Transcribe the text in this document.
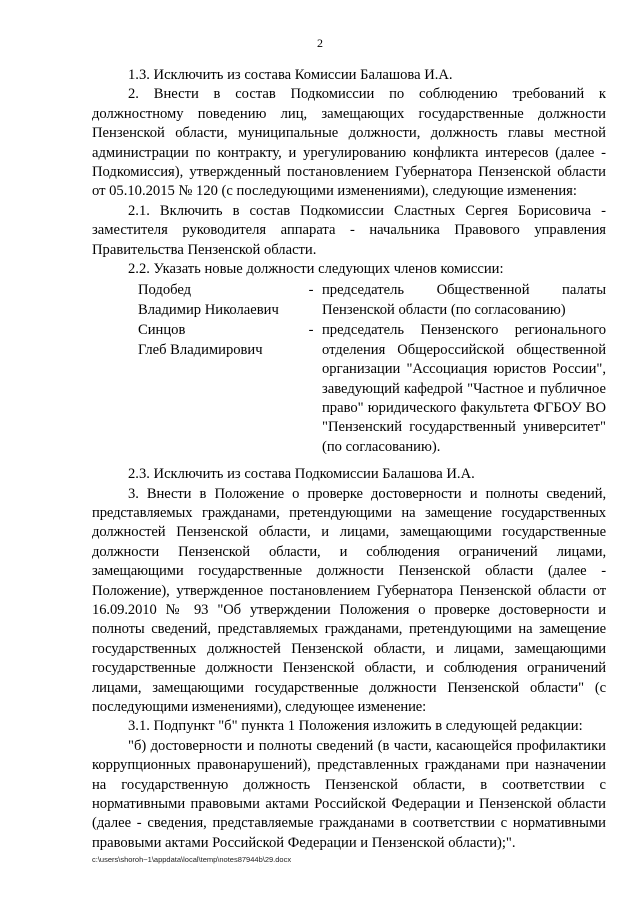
2

1.3. Исключить из состава Комиссии Балашова И.А.

2. Внести в состав Подкомиссии по соблюдению требований к должностному поведению лиц, замещающих государственные должности Пензенской области, муниципальные должности, должность главы местной администрации по контракту, и урегулированию конфликта интересов (далее - Подкомиссия), утвержденный постановлением Губернатора Пензенской области от 05.10.2015 № 120 (с последующими изменениями), следующие изменения:

2.1. Включить в состав Подкомиссии Сластных Сергея Борисовича - заместителя руководителя аппарата - начальника Правового управления Правительства Пензенской области.

2.2. Указать новые должности следующих членов комиссии:

Подобед
Владимир Николаевич
- председатель Общественной палаты Пензенской области (по согласованию)
Синцов
Глеб Владимирович
- председатель Пензенского регионального отделения Общероссийской общественной организации "Ассоциация юристов России", заведующий кафедрой "Частное и публичное право" юридического факультета ФГБОУ ВО "Пензенский государственный университет" (по согласованию).

2.3. Исключить из состава Подкомиссии Балашова И.А.

3. Внести в Положение о проверке достоверности и полноты сведений, представляемых гражданами, претендующими на замещение государственных должностей Пензенской области, и лицами, замещающими государственные должности Пензенской области, и соблюдения ограничений лицами, замещающими государственные должности Пензенской области (далее - Положение), утвержденное постановлением Губернатора Пензенской области от 16.09.2010 № 93 "Об утверждении Положения о проверке достоверности и полноты сведений, представляемых гражданами, претендующими на замещение государственных должностей Пензенской области, и лицами, замещающими государственные должности Пензенской области, и соблюдения ограничений лицами, замещающими государственные должности Пензенской области" (с последующими изменениями), следующее изменение:

3.1. Подпункт "б" пункта 1 Положения изложить в следующей редакции:

"б) достоверности и полноты сведений (в части, касающейся профилактики коррупционных правонарушений), представленных гражданами при назначении на государственную должность Пензенской области, в соответствии с нормативными правовыми актами Российской Федерации и Пензенской области (далее - сведения, представляемые гражданами в соответствии с нормативными правовыми актами Российской Федерации и Пензенской области);".

c:\users\shoroh~1\appdata\local\temp\notes87944b\29.docx
